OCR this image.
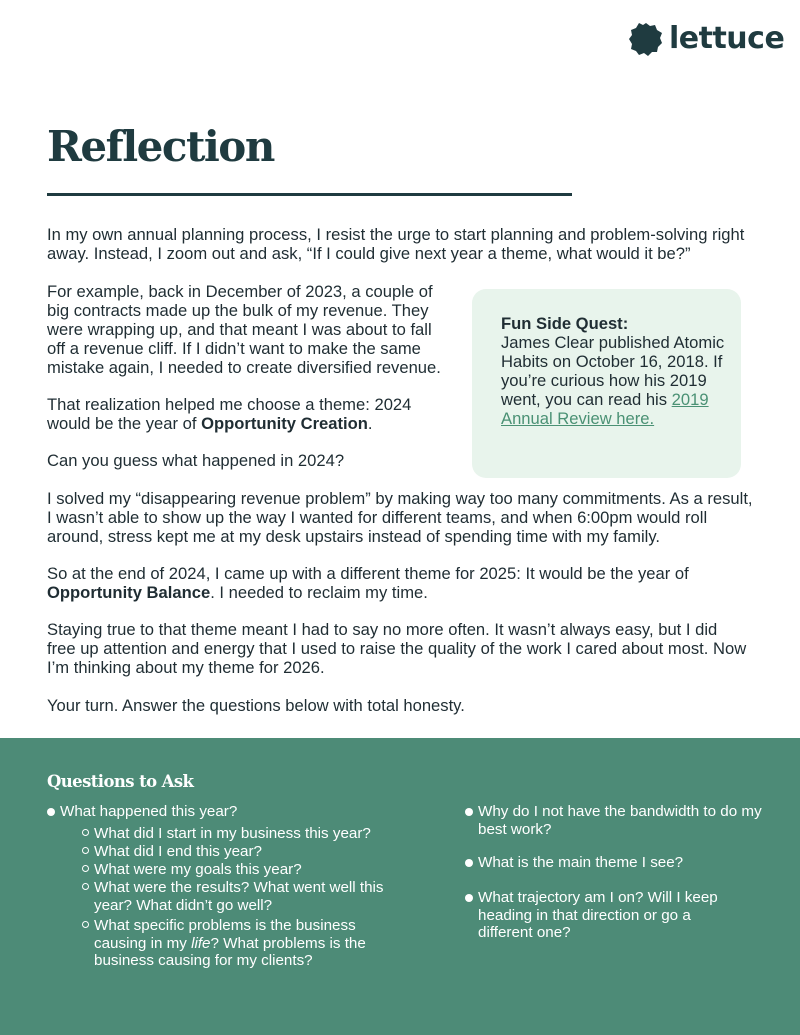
lettuce
Reflection

In my own annual planning process, I resist the urge to start planning and problem-solving right away. Instead, I zoom out and ask, “If I could give next year a theme, what would it be?”

For example, back in December of 2023, a couple of big contracts made up the bulk of my revenue. They were wrapping up, and that meant I was about to fall off a revenue cliff. If I didn’t want to make the same mistake again, I needed to create diversified revenue.

That realization helped me choose a theme: 2024 would be the year of Opportunity Creation.

Can you guess what happened in 2024?

I solved my “disappearing revenue problem” by making way too many commitments. As a result, I wasn’t able to show up the way I wanted for different teams, and when 6:00pm would roll around, stress kept me at my desk upstairs instead of spending time with my family.

So at the end of 2024, I came up with a different theme for 2025: It would be the year of Opportunity Balance. I needed to reclaim my time.

Staying true to that theme meant I had to say no more often. It wasn’t always easy, but I did free up attention and energy that I used to raise the quality of the work I cared about most. Now I’m thinking about my theme for 2026.

Your turn. Answer the questions below with total honesty.

Fun Side Quest:
James Clear published Atomic Habits on October 16, 2018. If you’re curious how his 2019 went, you can read his 2019 Annual Review here.

Questions to Ask

What happened this year?

What did I start in my business this year?

What did I end this year?

What were my goals this year?

What were the results? What went well this year? What didn’t go well?

What specific problems is the business causing in my life? What problems is the business causing for my clients?

Why do I not have the bandwidth to do my best work?

What is the main theme I see?

What trajectory am I on? Will I keep heading in that direction or go a different one?
